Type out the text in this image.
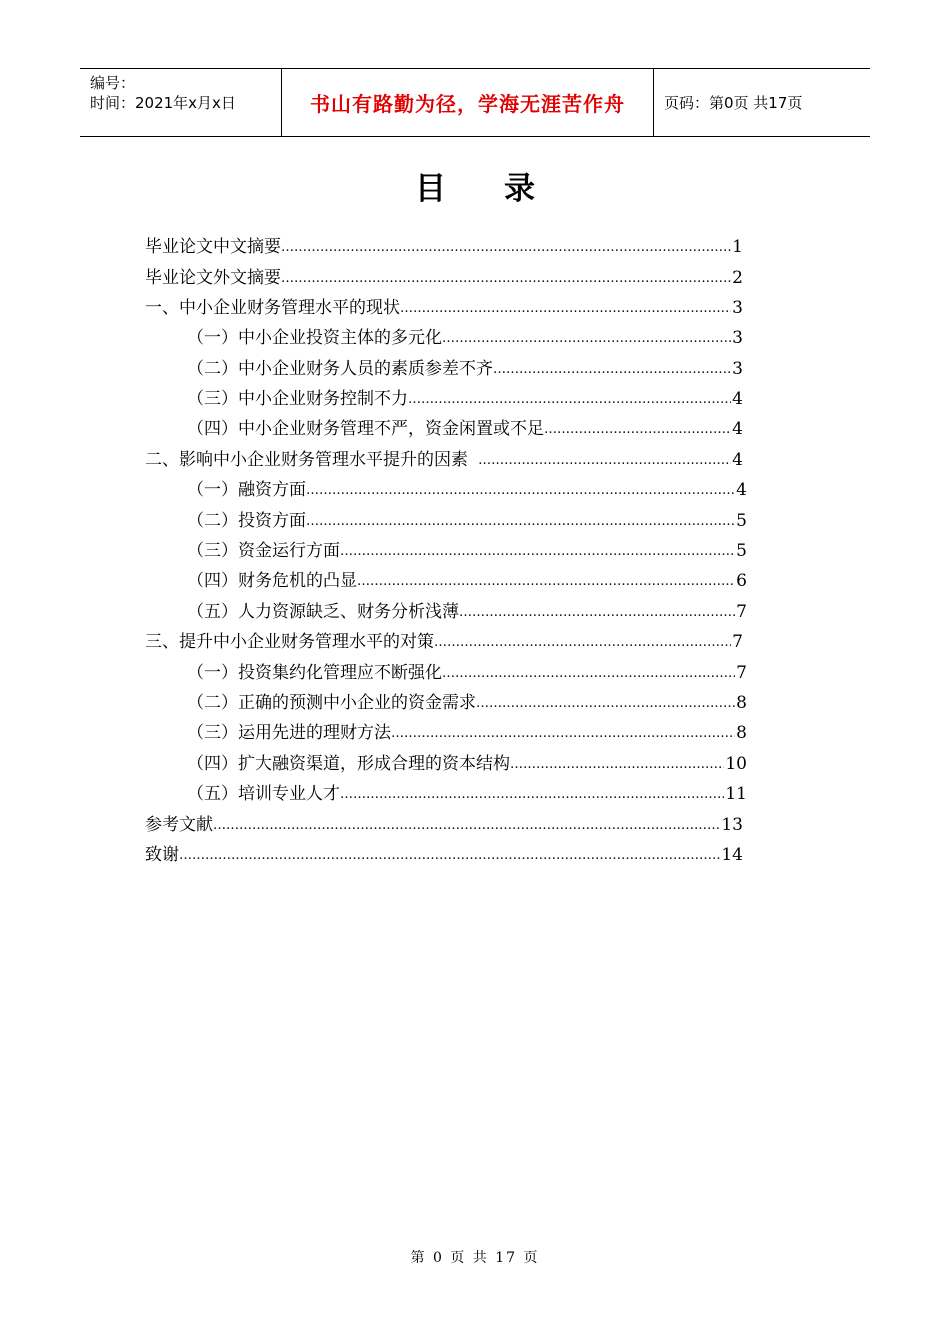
编号：
时间：2021年x月x日	书山有路勤为径，学海无涯苦作舟	页码：第0页 共17页
目录
毕业论文中文摘要 …………………………………………………………………………………………………………………………………………………………	1
毕业论文外文摘要 …………………………………………………………………………………………………………………………………………………………	2
一、中小企业财务管理水平的现状 …………………………………………………………………………………………………………………………………………………………	3
（一）中小企业投资主体的多元化 …………………………………………………………………………………………………………………………………………………………	3
（二）中小企业财务人员的素质参差不齐 …………………………………………………………………………………………………………………………………………………………	3
（三）中小企业财务控制不力 …………………………………………………………………………………………………………………………………………………………	4
（四）中小企业财务管理不严，资金闲置或不足 …………………………………………………………………………………………………………………………………………………………	4
二、影响中小企业财务管理水平提升的因素 …………………………………………………………………………………………………………………………………………………………	4
（一） 融资方面 …………………………………………………………………………………………………………………………………………………………	4
（二） 投资方面 …………………………………………………………………………………………………………………………………………………………	5
（三） 资金运行方面 …………………………………………………………………………………………………………………………………………………………	5
（四） 财务危机的凸显 …………………………………………………………………………………………………………………………………………………………	6
（五） 人力资源缺乏、财务分析浅薄 …………………………………………………………………………………………………………………………………………………………	7
三、提升中小企业财务管理水平的对策 …………………………………………………………………………………………………………………………………………………………	7
（一） 投资集约化管理应不断强化 …………………………………………………………………………………………………………………………………………………………	7
（二） 正确的预测中小企业的资金需求 …………………………………………………………………………………………………………………………………………………………	8
（三） 运用先进的理财方法 …………………………………………………………………………………………………………………………………………………………	8
（四） 扩大融资渠道，形成合理的资本结构 …………………………………………………………………………………………………………………………………………………………	10
（五） 培训专业人才 …………………………………………………………………………………………………………………………………………………………	11
参考文献 …………………………………………………………………………………………………………………………………………………………	13
致谢 …………………………………………………………………………………………………………………………………………………………	14
第 0 页 共 17 页
